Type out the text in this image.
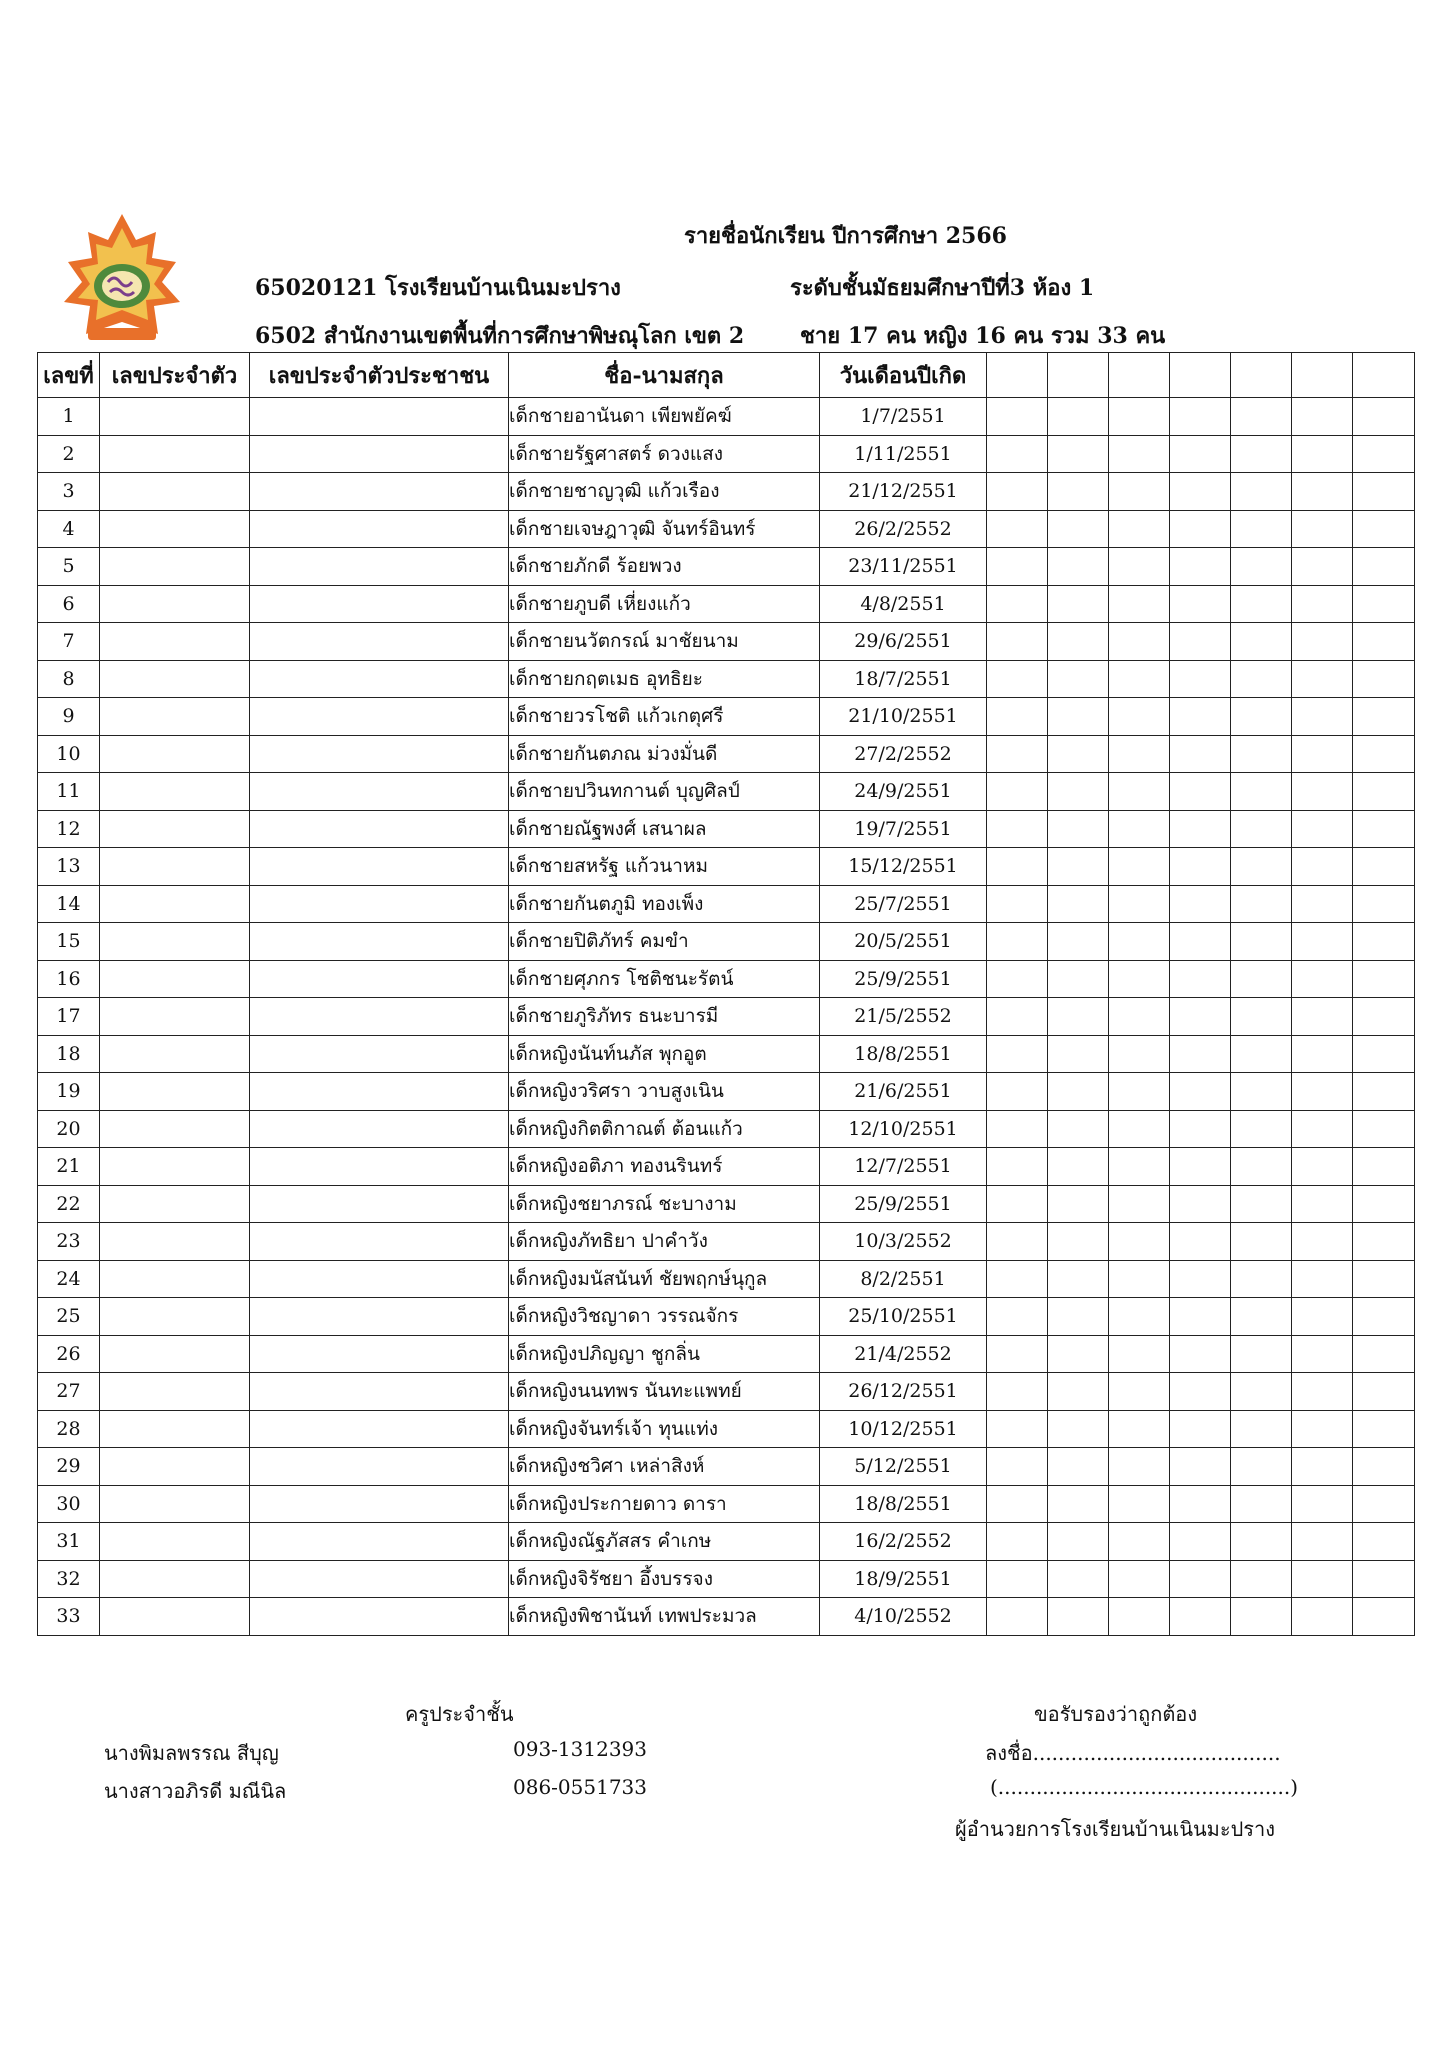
รายชื่อนักเรียน ปีการศึกษา 2566
65020121 โรงเรียนบ้านเนินมะปราง	ระดับชั้นมัธยมศึกษาปีที่3 ห้อง 1
6502 สำนักงานเขตพื้นที่การศึกษาพิษณุโลก เขต 2	ชาย 17 คน หญิง 16 คน รวม 33 คน
เลขที่	เลขประจำตัว	เลขประจำตัวประชาชน	ชื่อ-นามสกุล	วันเดือนปีเกิด							
1			เด็กชายอานันดา เพียพยัคฆ์	1/7/2551							
2			เด็กชายรัฐศาสตร์ ดวงแสง	1/11/2551							
3			เด็กชายชาญวุฒิ แก้วเรือง	21/12/2551							
4			เด็กชายเจษฎาวุฒิ จันทร์อินทร์	26/2/2552							
5			เด็กชายภักดี ร้อยพวง	23/11/2551							
6			เด็กชายภูบดี เหี่ยงแก้ว	4/8/2551							
7			เด็กชายนวัตกรณ์ มาชัยนาม	29/6/2551							
8			เด็กชายกฤตเมธ อุทธิยะ	18/7/2551							
9			เด็กชายวรโชติ แก้วเกตุศรี	21/10/2551							
10			เด็กชายกันตภณ ม่วงมั่นดี	27/2/2552							
11			เด็กชายปวินทกานต์ บุญศิลป์	24/9/2551							
12			เด็กชายณัฐพงศ์ เสนาผล	19/7/2551							
13			เด็กชายสหรัฐ แก้วนาหม	15/12/2551							
14			เด็กชายกันตภูมิ ทองเพ็ง	25/7/2551							
15			เด็กชายปิติภัทร์ คมขำ	20/5/2551							
16			เด็กชายศุภกร โชติชนะรัตน์	25/9/2551							
17			เด็กชายภูริภัทร ธนะบารมี	21/5/2552							
18			เด็กหญิงนันท์นภัส พุกอูต	18/8/2551							
19			เด็กหญิงวริศรา วาบสูงเนิน	21/6/2551							
20			เด็กหญิงกิตติกาณต์ ต้อนแก้ว	12/10/2551							
21			เด็กหญิงอติภา ทองนรินทร์	12/7/2551							
22			เด็กหญิงชยาภรณ์ ชะบางาม	25/9/2551							
23			เด็กหญิงภัทธิยา ปาคำวัง	10/3/2552							
24			เด็กหญิงมนัสนันท์ ชัยพฤกษ์นุกูล	8/2/2551							
25			เด็กหญิงวิชญาดา วรรณจักร	25/10/2551							
26			เด็กหญิงปภิญญา ชูกลิ่น	21/4/2552							
27			เด็กหญิงนนทพร นันทะแพทย์	26/12/2551							
28			เด็กหญิงจันทร์เจ้า ทุนแท่ง	10/12/2551							
29			เด็กหญิงชวิศา เหล่าสิงห์	5/12/2551							
30			เด็กหญิงประกายดาว ดารา	18/8/2551							
31			เด็กหญิงณัฐภัสสร คำเกษ	16/2/2552							
32			เด็กหญิงจิรัชยา อึ้งบรรจง	18/9/2551							
33			เด็กหญิงพิชานันท์ เทพประมวล	4/10/2552							
ครูประจำชั้น
นางพิมลพรรณ สีบุญ	093-1312393
นางสาวอภิรดี มณีนิล	086-0551733
ขอรับรองว่าถูกต้อง
ลงชื่อ.......................................
(..............................................)
ผู้อำนวยการโรงเรียนบ้านเนินมะปราง
